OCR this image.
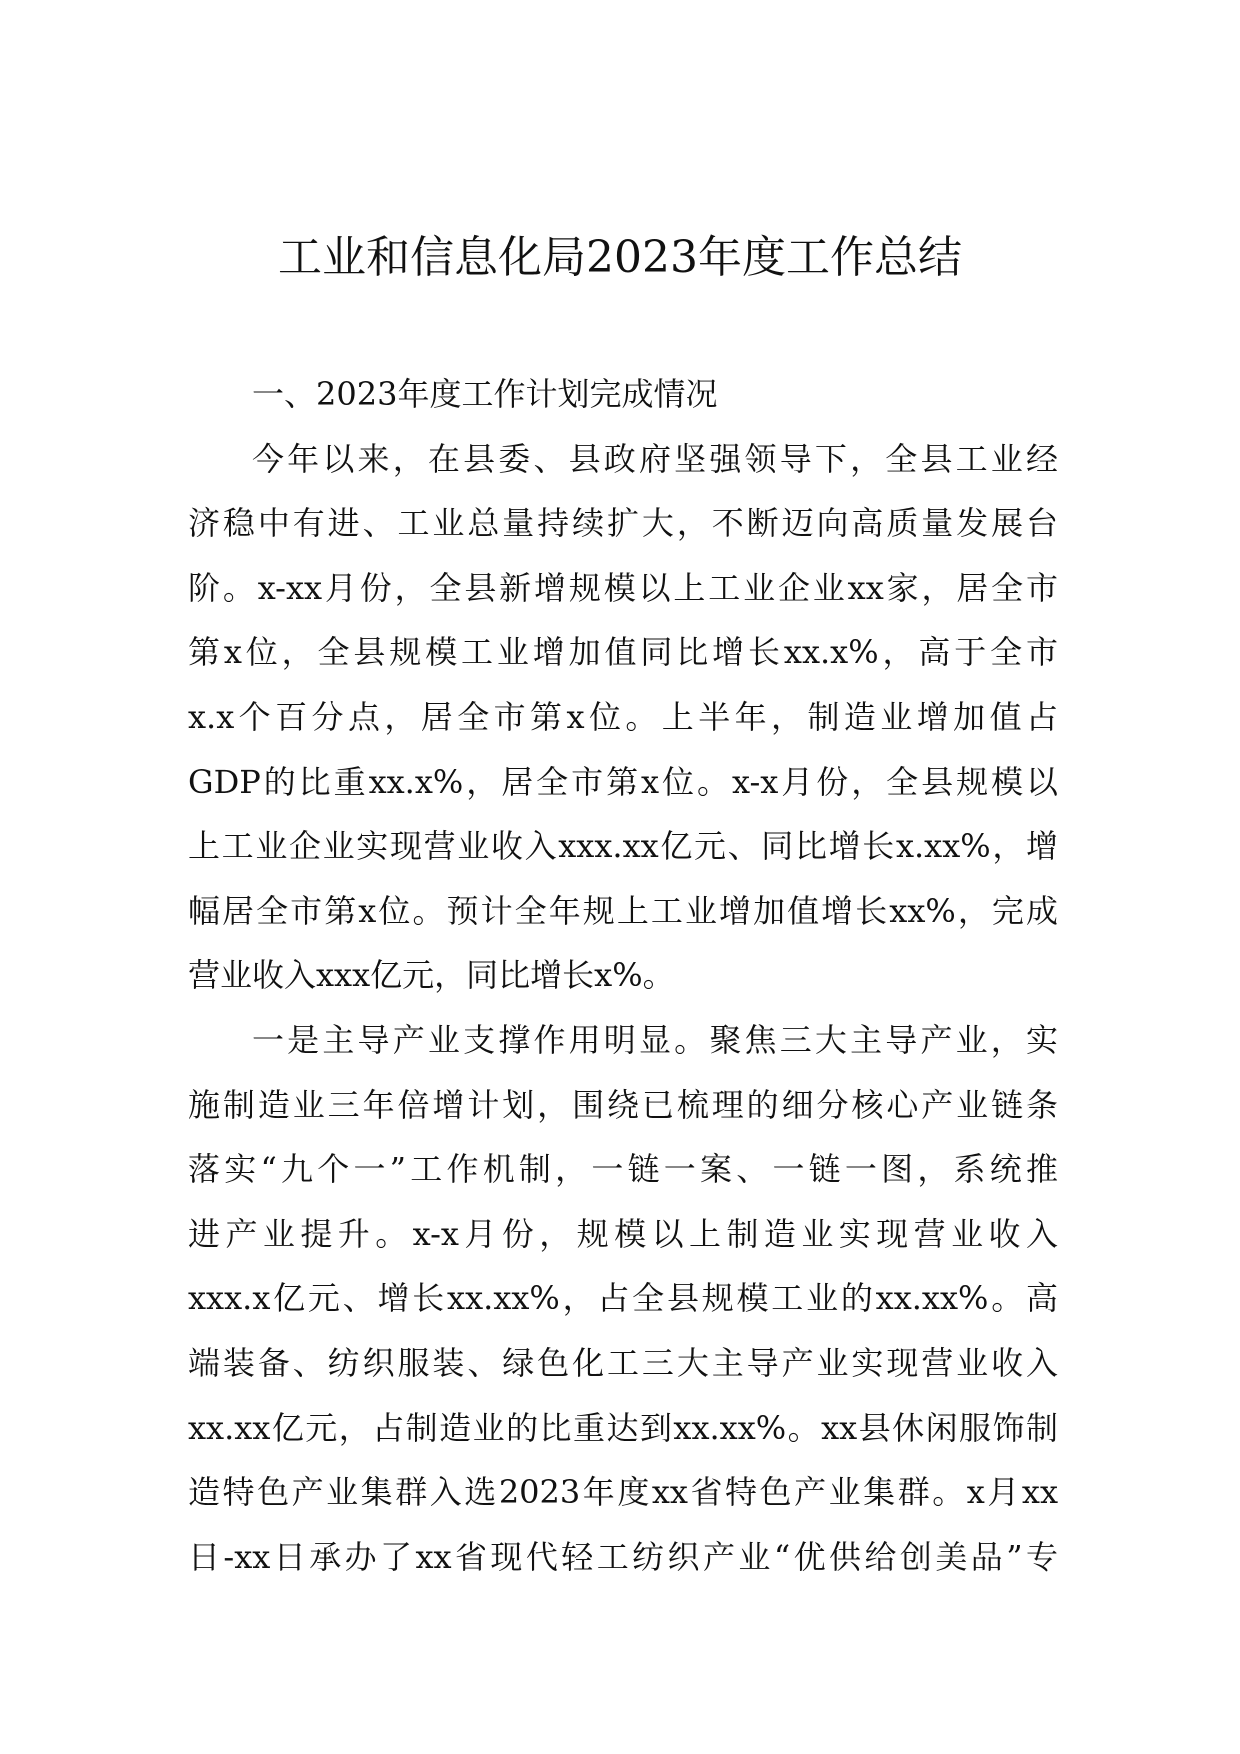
工业和信息化局2023年度工作总结
一、2023年度工作计划完成情况
今年以来，在县委、县政府坚强领导下，全县工业经
济稳中有进、工业总量持续扩大，不断迈向高质量发展台
阶。x-xx月份，全县新增规模以上工业企业xx家，居全市
第x位，全县规模工业增加值同比增长xx.x%，高于全市
x.x个百分点，居全市第x位。上半年，制造业增加值占
GDP的比重xx.x%，居全市第x位。x-x月份，全县规模以
上工业企业实现营业收入xxx.xx亿元、同比增长x.xx%，增
幅居全市第x位。预计全年规上工业增加值增长xx%，完成
营业收入xxx亿元，同比增长x%。
一是主导产业支撑作用明显。聚焦三大主导产业，实
施制造业三年倍增计划，围绕已梳理的细分核心产业链条
落实“九个一”工作机制，一链一案、一链一图，系统推
进产业提升。x-x月份，规模以上制造业实现营业收入
xxx.x亿元、增长xx.xx%，占全县规模工业的xx.xx%。高
端装备、纺织服装、绿色化工三大主导产业实现营业收入
xx.xx亿元，占制造业的比重达到xx.xx%。xx县休闲服饰制
造特色产业集群入选2023年度xx省特色产业集群。x月xx
日-xx日承办了xx省现代轻工纺织产业“优供给创美品”专
